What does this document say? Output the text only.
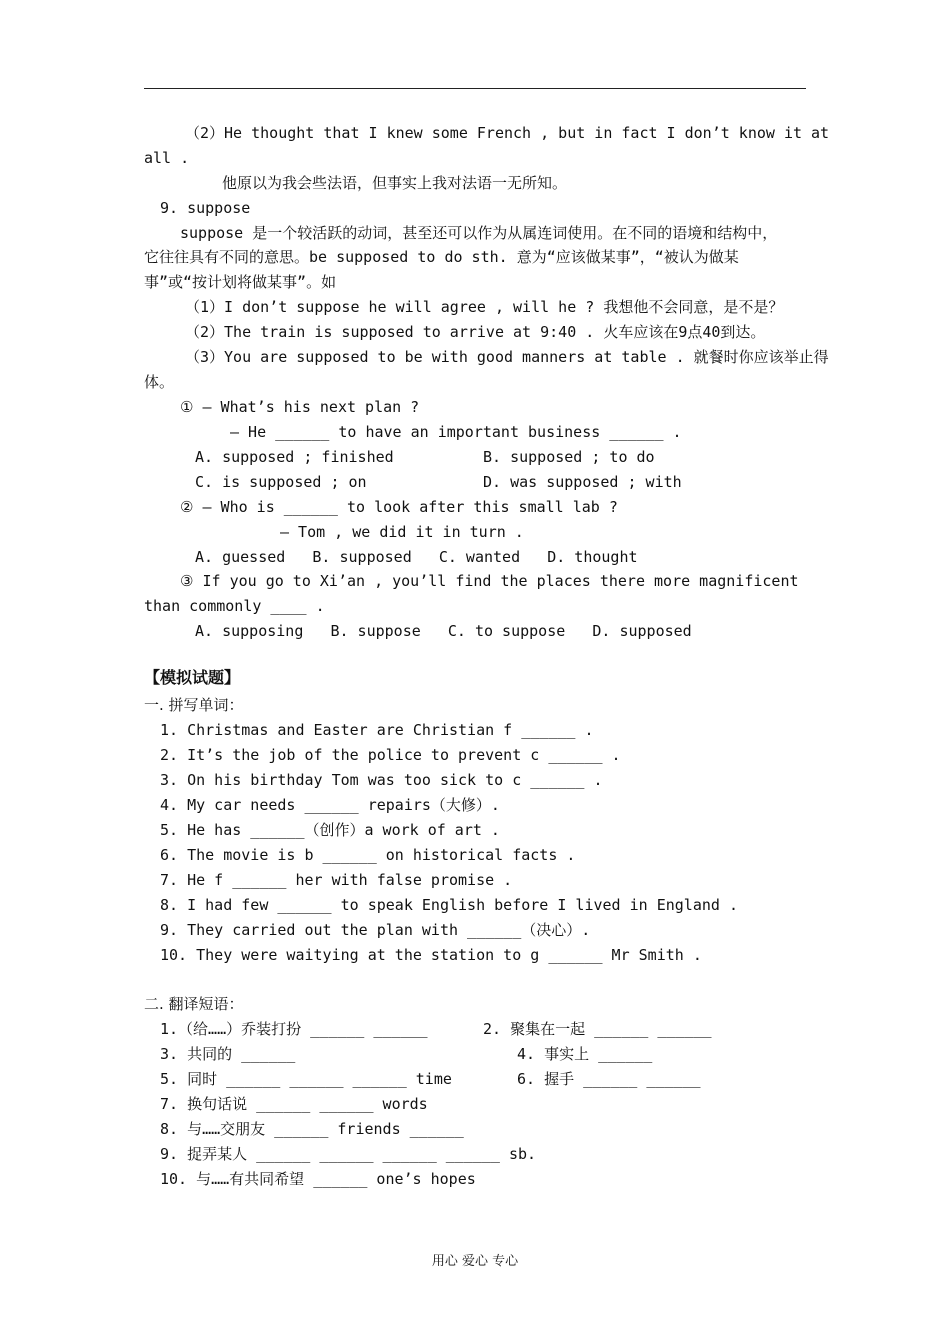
（2）He thought that I knew some French , but in fact I don’t know it at
all .
他原以为我会些法语，但事实上我对法语一无所知。
9. suppose
suppose 是一个较活跃的动词，甚至还可以作为从属连词使用。在不同的语境和结构中，
它往往具有不同的意思。be supposed to do sth. 意为“应该做某事”，“被认为做某
事”或“按计划将做某事”。如
（1）I don’t suppose he will agree , will he ? 我想他不会同意，是不是？
（2）The train is supposed to arrive at 9:40 . 火车应该在9点40到达。
（3）You are supposed to be with good manners at table . 就餐时你应该举止得
体。
① — What’s his next plan ?
— He ______ to have an important business ______ .
A. supposed ; finished	B. supposed ; to do
C. is supposed ; on	D. was supposed ; with
② — Who is ______ to look after this small lab ?
— Tom , we did it in turn .
A. guessed   B. supposed   C. wanted   D. thought
③ If you go to Xi’an , you’ll find the places there more magnificent
than commonly ____ .
A. supposing   B. suppose   C. to suppose   D. supposed
【模拟试题】
一. 拼写单词：
1. Christmas and Easter are Christian f ______ .
2. It’s the job of the police to prevent c ______ .
3. On his birthday Tom was too sick to c ______ .
4. My car needs ______ repairs（大修）.
5. He has ______（创作）a work of art .
6. The movie is b ______ on historical facts .
7. He f ______ her with false promise .
8. I had few ______ to speak English before I lived in England .
9. They carried out the plan with ______（决心）.
10. They were waitying at the station to g ______ Mr Smith .
二. 翻译短语：
1.（给……）乔装打扮 ______ ______	2. 聚集在一起 ______ ______
3. 共同的 ______	4. 事实上 ______
5. 同时 ______ ______ ______ time	6. 握手 ______ ______
7. 换句话说 ______ ______ words
8. 与……交朋友 ______ friends ______
9. 捉弄某人 ______ ______ ______ ______ sb.
10. 与……有共同希望 ______ one’s hopes
用心 爱心 专心
